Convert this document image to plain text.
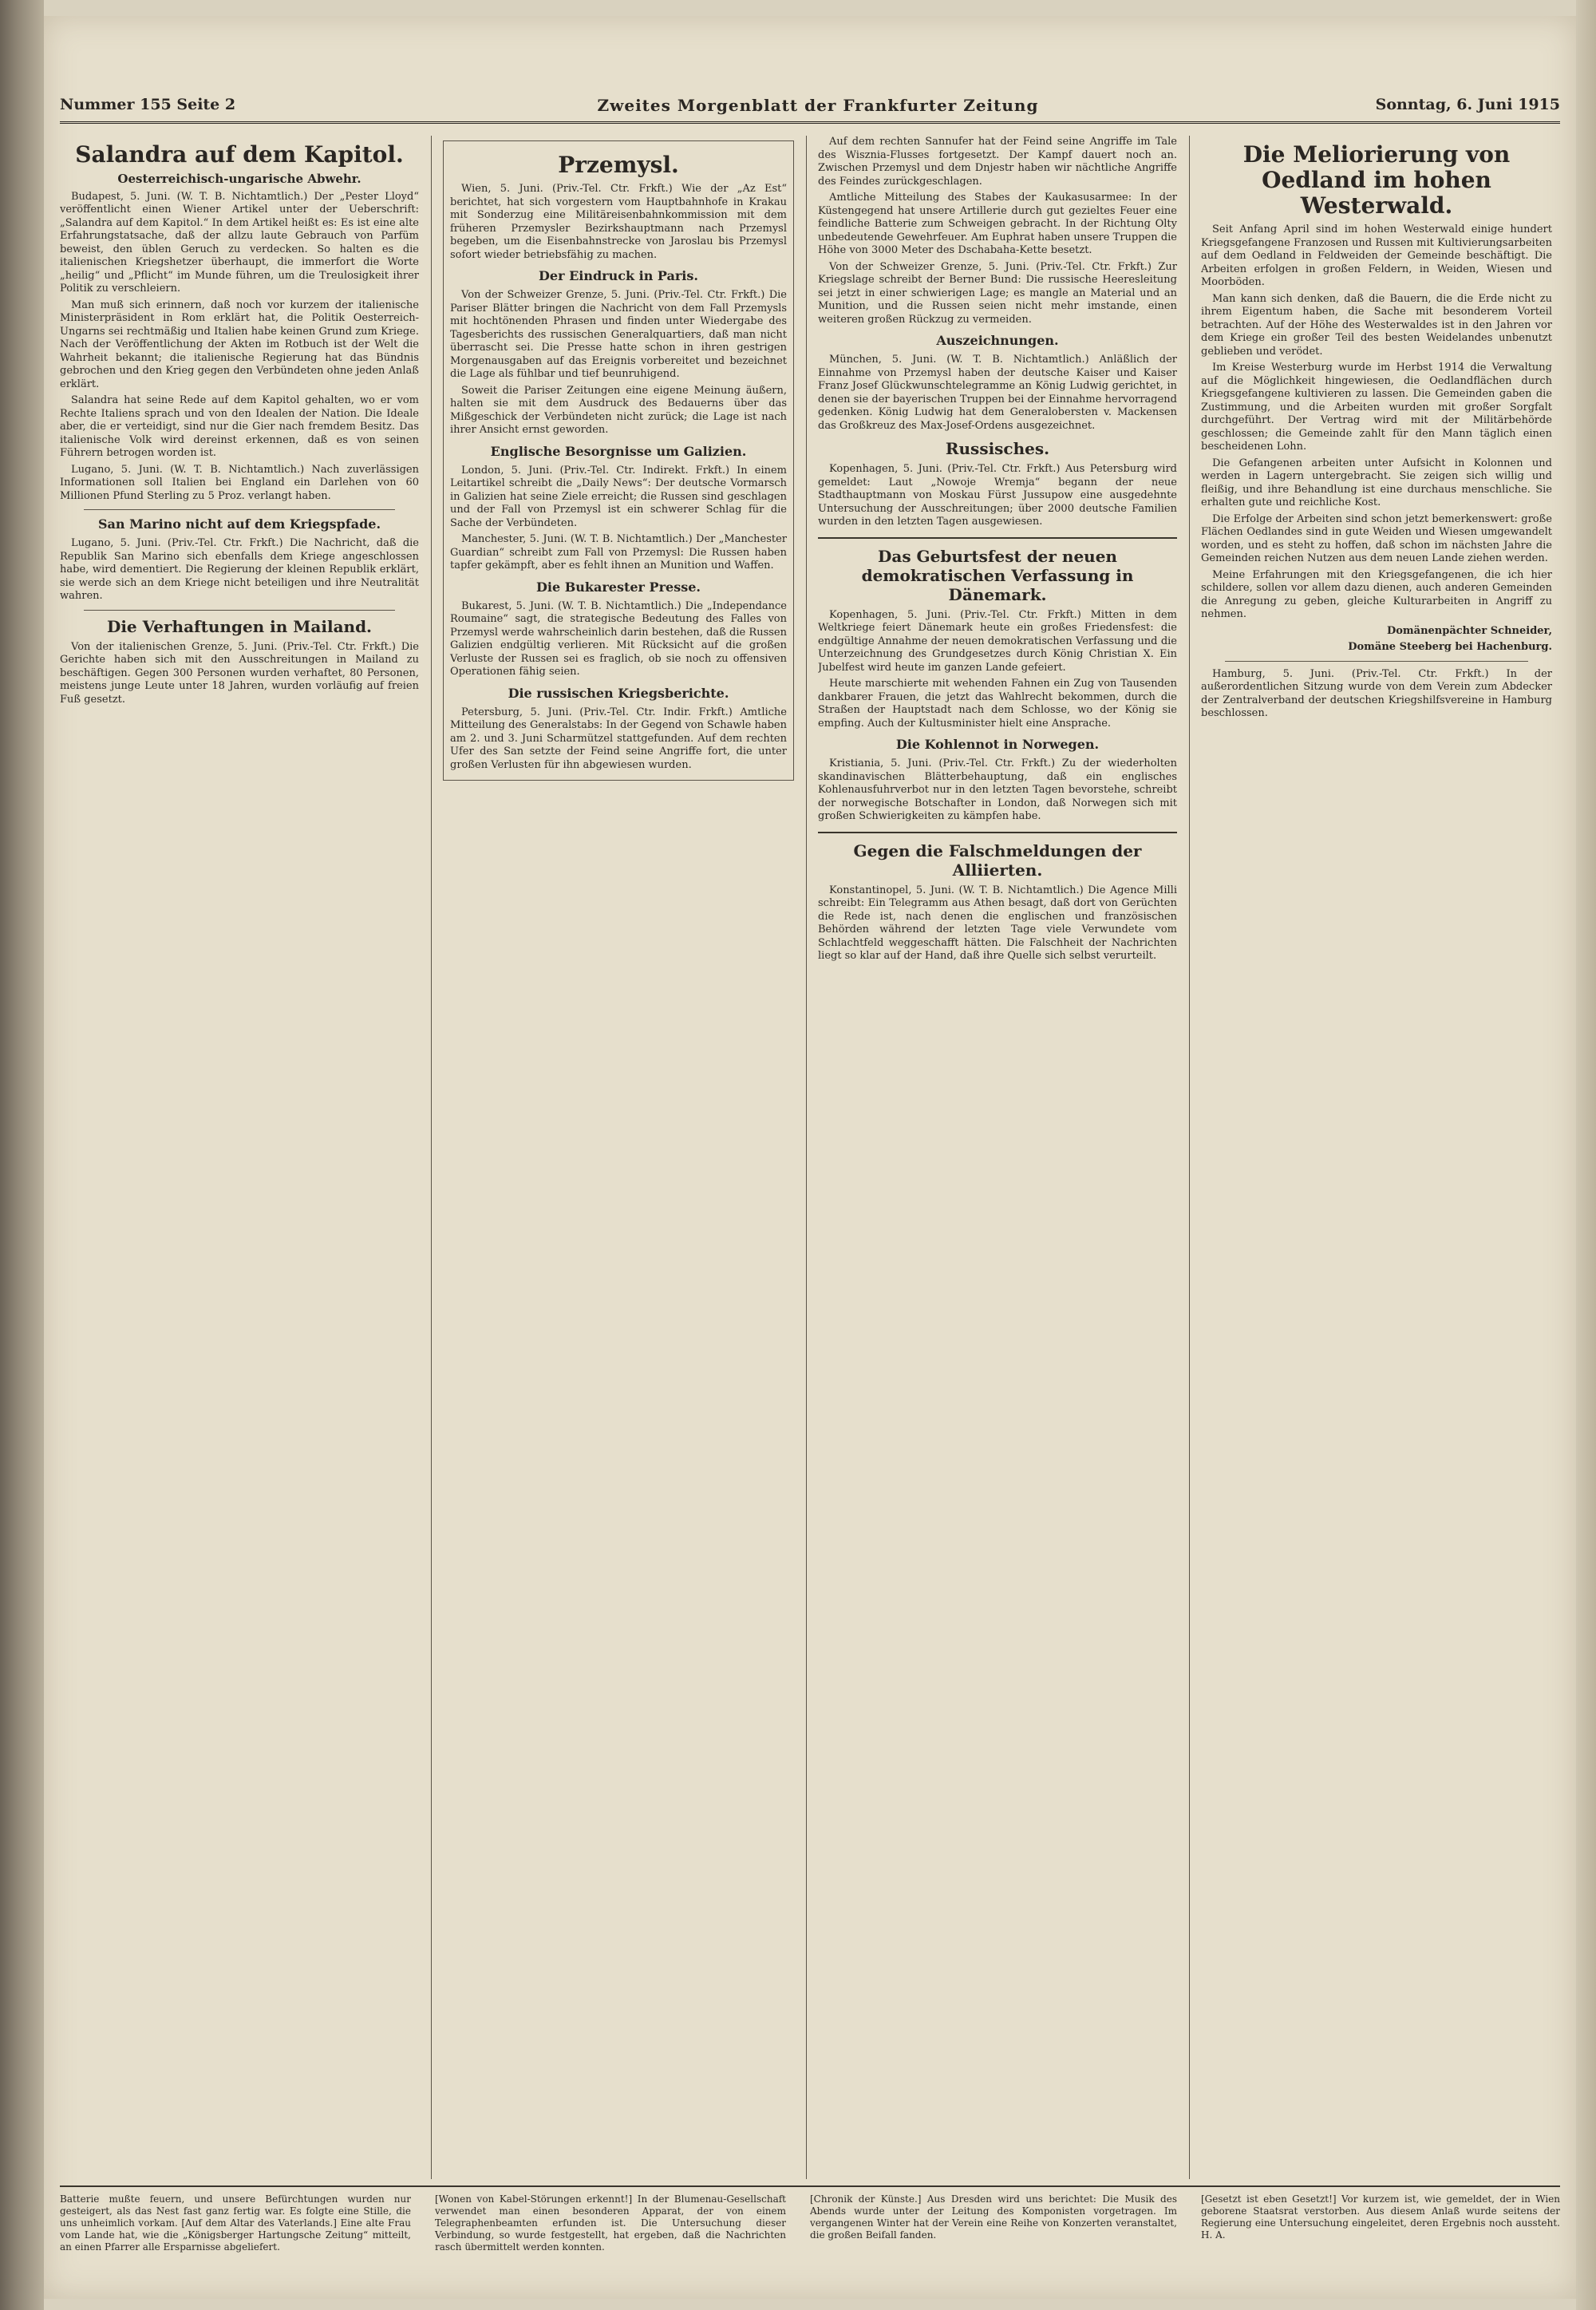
Nummer 155 Seite 2	Zweites Morgenblatt der Frankfurter Zeitung	Sonntag, 6. Juni 1915
Salandra auf dem Kapitol.
Oesterreichisch-ungarische Abwehr.

Budapest, 5. Juni. (W. T. B. Nichtamtlich.) Der „Pester Lloyd“ veröffentlicht einen Wiener Artikel unter der Ueberschrift: „Salandra auf dem Kapitol.“ In dem Artikel heißt es: Es ist eine alte Erfahrungstatsache, daß der allzu laute Gebrauch von Parfüm beweist, den üblen Geruch zu verdecken. So halten es die italienischen Kriegshetzer überhaupt, die immerfort die Worte „heilig“ und „Pflicht“ im Munde führen, um die Treulosigkeit ihrer Politik zu verschleiern.

Man muß sich erinnern, daß noch vor kurzem der italienische Ministerpräsident in Rom erklärt hat, die Politik Oesterreich-Ungarns sei rechtmäßig und Italien habe keinen Grund zum Kriege. Nach der Veröffentlichung der Akten im Rotbuch ist der Welt die Wahrheit bekannt; die italienische Regierung hat das Bündnis gebrochen und den Krieg gegen den Verbündeten ohne jeden Anlaß erklärt.

Salandra hat seine Rede auf dem Kapitol gehalten, wo er vom Rechte Italiens sprach und von den Idealen der Nation. Die Ideale aber, die er verteidigt, sind nur die Gier nach fremdem Besitz. Das italienische Volk wird dereinst erkennen, daß es von seinen Führern betrogen worden ist.

Lugano, 5. Juni. (W. T. B. Nichtamtlich.) Nach zuverlässigen Informationen soll Italien bei England ein Darlehen von 60 Millionen Pfund Sterling zu 5 Proz. verlangt haben.

San Marino nicht auf dem Kriegspfade.

Lugano, 5. Juni. (Priv.-Tel. Ctr. Frkft.) Die Nachricht, daß die Republik San Marino sich ebenfalls dem Kriege angeschlossen habe, wird dementiert. Die Regierung der kleinen Republik erklärt, sie werde sich an dem Kriege nicht beteiligen und ihre Neutralität wahren.

Die Verhaftungen in Mailand.

Von der italienischen Grenze, 5. Juni. (Priv.-Tel. Ctr. Frkft.) Die Gerichte haben sich mit den Ausschreitungen in Mailand zu beschäftigen. Gegen 300 Personen wurden verhaftet, 80 Personen, meistens junge Leute unter 18 Jahren, wurden vorläufig auf freien Fuß gesetzt.

Przemysl.

Wien, 5. Juni. (Priv.-Tel. Ctr. Frkft.) Wie der „Az Est“ berichtet, hat sich vorgestern vom Hauptbahnhofe in Krakau mit Sonderzug eine Militäreisenbahnkommission mit dem früheren Przemysler Bezirkshauptmann nach Przemysl begeben, um die Eisenbahnstrecke von Jaroslau bis Przemysl sofort wieder betriebsfähig zu machen.

Der Eindruck in Paris.

Von der Schweizer Grenze, 5. Juni. (Priv.-Tel. Ctr. Frkft.) Die Pariser Blätter bringen die Nachricht von dem Fall Przemysls mit hochtönenden Phrasen und finden unter Wiedergabe des Tagesberichts des russischen Generalquartiers, daß man nicht überrascht sei. Die Presse hatte schon in ihren gestrigen Morgenausgaben auf das Ereignis vorbereitet und bezeichnet die Lage als fühlbar und tief beunruhigend.

Soweit die Pariser Zeitungen eine eigene Meinung äußern, halten sie mit dem Ausdruck des Bedauerns über das Mißgeschick der Verbündeten nicht zurück; die Lage ist nach ihrer Ansicht ernst geworden.

Englische Besorgnisse um Galizien.

London, 5. Juni. (Priv.-Tel. Ctr. Indirekt. Frkft.) In einem Leitartikel schreibt die „Daily News“: Der deutsche Vormarsch in Galizien hat seine Ziele erreicht; die Russen sind geschlagen und der Fall von Przemysl ist ein schwerer Schlag für die Sache der Verbündeten.

Manchester, 5. Juni. (W. T. B. Nichtamtlich.) Der „Manchester Guardian“ schreibt zum Fall von Przemysl: Die Russen haben tapfer gekämpft, aber es fehlt ihnen an Munition und Waffen.

Die Bukarester Presse.

Bukarest, 5. Juni. (W. T. B. Nichtamtlich.) Die „Independance Roumaine“ sagt, die strategische Bedeutung des Falles von Przemysl werde wahrscheinlich darin bestehen, daß die Russen Galizien endgültig verlieren. Mit Rücksicht auf die großen Verluste der Russen sei es fraglich, ob sie noch zu offensiven Operationen fähig seien.

Die russischen Kriegsberichte.

Petersburg, 5. Juni. (Priv.-Tel. Ctr. Indir. Frkft.) Amtliche Mitteilung des Generalstabs: In der Gegend von Schawle haben am 2. und 3. Juni Scharmützel stattgefunden. Auf dem rechten Ufer des San setzte der Feind seine Angriffe fort, die unter großen Verlusten für ihn abgewiesen wurden.

Auf dem rechten Sannufer hat der Feind seine Angriffe im Tale des Wisznia-Flusses fortgesetzt. Der Kampf dauert noch an. Zwischen Przemysl und dem Dnjestr haben wir nächtliche Angriffe des Feindes zurückgeschlagen.

Amtliche Mitteilung des Stabes der Kaukasusarmee: In der Küstengegend hat unsere Artillerie durch gut gezieltes Feuer eine feindliche Batterie zum Schweigen gebracht. In der Richtung Olty unbedeutende Gewehrfeuer. Am Euphrat haben unsere Truppen die Höhe von 3000 Meter des Dschabaha-Kette besetzt.

Von der Schweizer Grenze, 5. Juni. (Priv.-Tel. Ctr. Frkft.) Zur Kriegslage schreibt der Berner Bund: Die russische Heeresleitung sei jetzt in einer schwierigen Lage; es mangle an Material und an Munition, und die Russen seien nicht mehr imstande, einen weiteren großen Rückzug zu vermeiden.

Auszeichnungen.

München, 5. Juni. (W. T. B. Nichtamtlich.) Anläßlich der Einnahme von Przemysl haben der deutsche Kaiser und Kaiser Franz Josef Glückwunschtelegramme an König Ludwig gerichtet, in denen sie der bayerischen Truppen bei der Einnahme hervorragend gedenken. König Ludwig hat dem Generalobersten v. Mackensen das Großkreuz des Max-Josef-Ordens ausgezeichnet.

Russisches.

Kopenhagen, 5. Juni. (Priv.-Tel. Ctr. Frkft.) Aus Petersburg wird gemeldet: Laut „Nowoje Wremja“ begann der neue Stadthauptmann von Moskau Fürst Jussupow eine ausgedehnte Untersuchung der Ausschreitungen; über 2000 deutsche Familien wurden in den letzten Tagen ausgewiesen.

Das Geburtsfest der neuen demokratischen Verfassung in Dänemark.

Kopenhagen, 5. Juni. (Priv.-Tel. Ctr. Frkft.) Mitten in dem Weltkriege feiert Dänemark heute ein großes Friedensfest: die endgültige Annahme der neuen demokratischen Verfassung und die Unterzeichnung des Grundgesetzes durch König Christian X. Ein Jubelfest wird heute im ganzen Lande gefeiert.

Heute marschierte mit wehenden Fahnen ein Zug von Tausenden dankbarer Frauen, die jetzt das Wahlrecht bekommen, durch die Straßen der Hauptstadt nach dem Schlosse, wo der König sie empfing. Auch der Kultusminister hielt eine Ansprache.

Die Kohlennot in Norwegen.

Kristiania, 5. Juni. (Priv.-Tel. Ctr. Frkft.) Zu der wiederholten skandinavischen Blätterbehauptung, daß ein englisches Kohlenausfuhrverbot nur in den letzten Tagen bevorstehe, schreibt der norwegische Botschafter in London, daß Norwegen sich mit großen Schwierigkeiten zu kämpfen habe.

Gegen die Falschmeldungen der Alliierten.

Konstantinopel, 5. Juni. (W. T. B. Nichtamtlich.) Die Agence Milli schreibt: Ein Telegramm aus Athen besagt, daß dort von Gerüchten die Rede ist, nach denen die englischen und französischen Behörden während der letzten Tage viele Verwundete vom Schlachtfeld weggeschafft hätten. Die Falschheit der Nachrichten liegt so klar auf der Hand, daß ihre Quelle sich selbst verurteilt.

Die Meliorierung von Oedland im hohen Westerwald.

Seit Anfang April sind im hohen Westerwald einige hundert Kriegsgefangene Franzosen und Russen mit Kultivierungsarbeiten auf dem Oedland in Feldweiden der Gemeinde beschäftigt. Die Arbeiten erfolgen in großen Feldern, in Weiden, Wiesen und Moorböden.

Man kann sich denken, daß die Bauern, die die Erde nicht zu ihrem Eigentum haben, die Sache mit besonderem Vorteil betrachten. Auf der Höhe des Westerwaldes ist in den Jahren vor dem Kriege ein großer Teil des besten Weidelandes unbenutzt geblieben und verödet.

Im Kreise Westerburg wurde im Herbst 1914 die Verwaltung auf die Möglichkeit hingewiesen, die Oedlandflächen durch Kriegsgefangene kultivieren zu lassen. Die Gemeinden gaben die Zustimmung, und die Arbeiten wurden mit großer Sorgfalt durchgeführt. Der Vertrag wird mit der Militärbehörde geschlossen; die Gemeinde zahlt für den Mann täglich einen bescheidenen Lohn.

Die Gefangenen arbeiten unter Aufsicht in Kolonnen und werden in Lagern untergebracht. Sie zeigen sich willig und fleißig, und ihre Behandlung ist eine durchaus menschliche. Sie erhalten gute und reichliche Kost.

Die Erfolge der Arbeiten sind schon jetzt bemerkenswert: große Flächen Oedlandes sind in gute Weiden und Wiesen umgewandelt worden, und es steht zu hoffen, daß schon im nächsten Jahre die Gemeinden reichen Nutzen aus dem neuen Lande ziehen werden.

Meine Erfahrungen mit den Kriegsgefangenen, die ich hier schildere, sollen vor allem dazu dienen, auch anderen Gemeinden die Anregung zu geben, gleiche Kulturarbeiten in Angriff zu nehmen.

Domänenpächter Schneider,
Domäne Steeberg bei Hachenburg.

Hamburg, 5. Juni. (Priv.-Tel. Ctr. Frkft.) In der außerordentlichen Sitzung wurde von dem Verein zum Abdecker der Zentralverband der deutschen Kriegshilfsvereine in Hamburg beschlossen.

Batterie mußte feuern, und unsere Befürchtungen wurden nur gesteigert, als das Nest fast ganz fertig war. Es folgte eine Stille, die uns unheimlich vorkam. [Auf dem Altar des Vaterlands.] Eine alte Frau vom Lande hat, wie die „Königsberger Hartungsche Zeitung“ mitteilt, an einen Pfarrer alle Ersparnisse abgeliefert.
[Wonen von Kabel-Störungen erkennt!] In der Blumenau-Gesellschaft verwendet man einen besonderen Apparat, der von einem Telegraphenbeamten erfunden ist. Die Untersuchung dieser Verbindung, so wurde festgestellt, hat ergeben, daß die Nachrichten rasch übermittelt werden konnten.
[Chronik der Künste.] Aus Dresden wird uns berichtet: Die Musik des Abends wurde unter der Leitung des Komponisten vorgetragen. Im vergangenen Winter hat der Verein eine Reihe von Konzerten veranstaltet, die großen Beifall fanden.
[Gesetzt ist eben Gesetzt!] Vor kurzem ist, wie gemeldet, der in Wien geborene Staatsrat verstorben. Aus diesem Anlaß wurde seitens der Regierung eine Untersuchung eingeleitet, deren Ergebnis noch aussteht. H. A.
